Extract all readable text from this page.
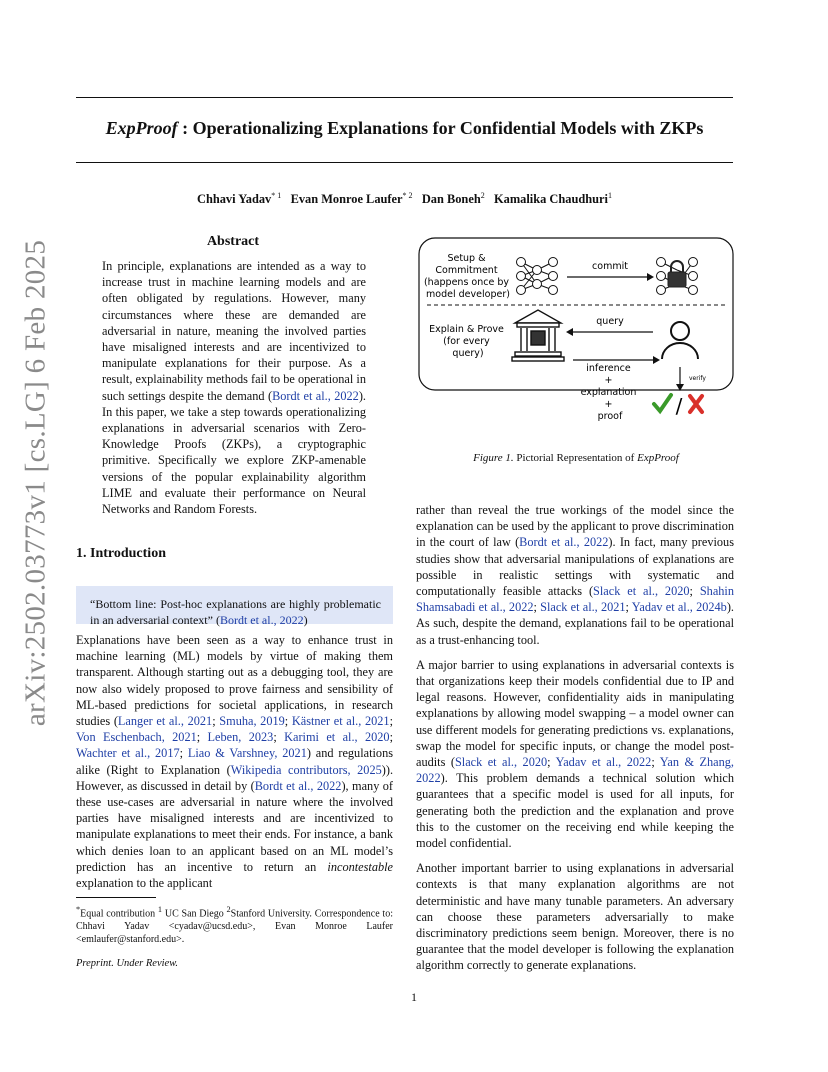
ExpProof : Operationalizing Explanations for Confidential Models with ZKPs
Chhavi Yadav$^{* 1}$ Evan Monroe Laufer$^{* 2}$ Dan Boneh$^2$ Kamalika Chaudhuri$^1$
arXiv:2502.03773v1 [cs.LG] 6 Feb 2025	Abstract
In principle, explanations are intended as a way to increase trust in machine learning models and are often obligated by regulations. However, many circumstances where these are demanded are adversarial in nature, meaning the involved parties have misaligned interests and are incentivized to manipulate explanations for their purpose. As a result, explainability methods fail to be operational in such settings despite the demand (Bordt et al., 2022). In this paper, we take a step towards operationalizing explanations in adversarial scenarios with Zero-Knowledge Proofs (ZKPs), a cryptographic primitive. Specifically we explore ZKP-amenable versions of the popular explainability algorithm LIME and evaluate their performance on Neural Networks and Random Forests.
Setup & Commitment (happens once by model developer)
commit
Explain & Prove (for every query)
query
inference + explanation + proof
verify
/
Figure 1. Pictorial Representation of ExpProof
1. Introduction
“Bottom line: Post-hoc explanations are highly problematic in an adversarial context” (Bordt et al., 2022)

Explanations have been seen as a way to enhance trust in machine learning (ML) models by virtue of making them transparent. Although starting out as a debugging tool, they are now also widely proposed to prove fairness and sensibility of ML-based predictions for societal applications, in research studies (Langer et al., 2021; Smuha, 2019; Kästner et al., 2021; Von Eschenbach, 2021; Leben, 2023; Karimi et al., 2020; Wachter et al., 2017; Liao & Varshney, 2021) and regulations alike (Right to Explanation (Wikipedia contributors, 2025)). However, as discussed in detail by (Bordt et al., 2022), many of these use-cases are adversarial in nature where the involved parties have misaligned interests and are incentivized to manipulate explanations to meet their ends. For instance, a bank which denies loan to an applicant based on an ML model’s prediction has an incentive to return an incontestable explanation to the applicant

rather than reveal the true workings of the model since the explanation can be used by the applicant to prove discrimination in the court of law (Bordt et al., 2022). In fact, many previous studies show that adversarial manipulations of explanations are possible in realistic settings with systematic and computationally feasible attacks (Slack et al., 2020; Shahin Shamsabadi et al., 2022; Slack et al., 2021; Yadav et al., 2024b). As such, despite the demand, explanations fail to be operational as a trust-enhancing tool.

A major barrier to using explanations in adversarial contexts is that organizations keep their models confidential due to IP and legal reasons. However, confidentiality aids in manipulating explanations by allowing model swapping – a model owner can use different models for generating predictions vs. explanations, swap the model for specific inputs, or change the model post-audits (Slack et al., 2020; Yadav et al., 2022; Yan & Zhang, 2022). This problem demands a technical solution which guarantees that a specific model is used for all inputs, for generating both the prediction and the explanation and prove this to the customer on the receiving end while keeping the model confidential.

Another important barrier to using explanations in adversarial contexts is that many explanation algorithms are not deterministic and have many tunable parameters. An adversary can choose these parameters adversarially to make discriminatory predictions seem benign. Moreover, there is no guarantee that the model developer is following the explanation algorithm correctly to generate explanations.

*Equal contribution $^1$ UC San Diego $^2$Stanford University. Correspondence to: Chhavi Yadav <cyadav@ucsd.edu>, Evan Monroe Laufer <emlaufer@stanford.edu>.
Preprint. Under Review.
1
